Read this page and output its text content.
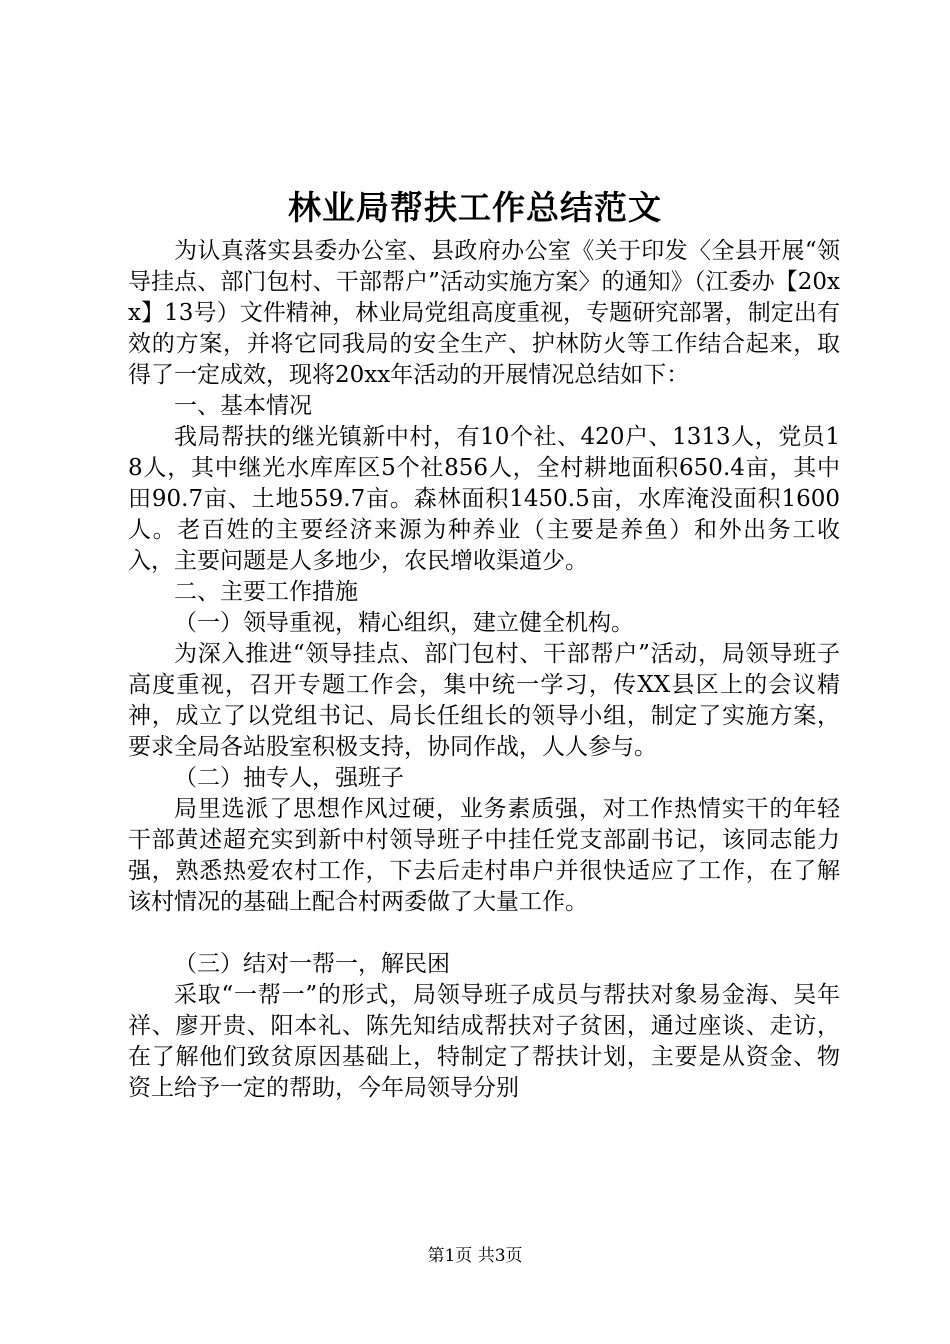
林业局帮扶工作总结范文

为认真落实县委办公室、县政府办公室《关于印发〈全县开展“领导挂点、部门包村、干部帮户”活动实施方案〉的通知》（江委办【20xx】13号）文件精神，林业局党组高度重视，专题研究部署，制定出有效的方案，并将它同我局的安全生产、护林防火等工作结合起来，取得了一定成效，现将20xx年活动的开展情况总结如下：

一、基本情况

我局帮扶的继光镇新中村，有10个社、420户、1313人，党员18人，其中继光水库库区5个社856人，全村耕地面积650.4亩，其中田90.7亩、土地559.7亩。森林面积1450.5亩，水库淹没面积1600人。老百姓的主要经济来源为种养业（主要是养鱼）和外出务工收入，主要问题是人多地少，农民增收渠道少。

二、主要工作措施

（一）领导重视，精心组织，建立健全机构。

为深入推进“领导挂点、部门包村、干部帮户”活动，局领导班子高度重视，召开专题工作会，集中统一学习，传XX县区上的会议精神，成立了以党组书记、局长任组长的领导小组，制定了实施方案，要求全局各站股室积极支持，协同作战，人人参与。

（二）抽专人，强班子

局里选派了思想作风过硬，业务素质强，对工作热情实干的年轻干部黄述超充实到新中村领导班子中挂任党支部副书记，该同志能力强，熟悉热爱农村工作，下去后走村串户并很快适应了工作，在了解该村情况的基础上配合村两委做了大量工作。

（三）结对一帮一，解民困

采取“一帮一”的形式，局领导班子成员与帮扶对象易金海、吴年祥、廖开贵、阳本礼、陈先知结成帮扶对子贫困，通过座谈、走访，在了解他们致贫原因基础上，特制定了帮扶计划，主要是从资金、物资上给予一定的帮助，今年局领导分别

第1页 共3页
